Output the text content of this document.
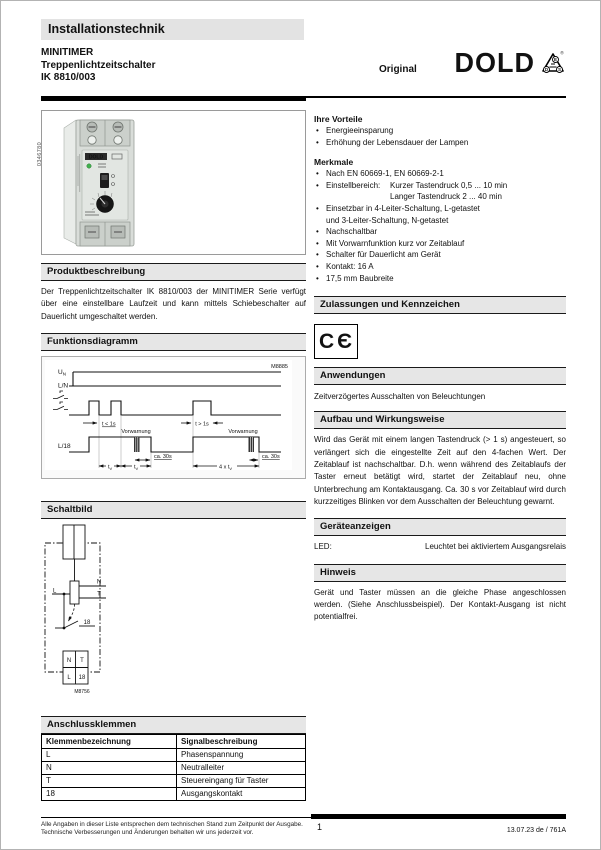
Installationstechnik
MINITIMER
Treppenlichtzeitschalter
IK 8810/003
Original DOLD	E
D S
®
0346780	DOLD
Produktbeschreibung

Der Treppenlichtzeitschalter IK 8810/003 der MINITIMER Serie verfügt über eine einstellbare Laufzeit und kann mittels Schiebeschalter auf Dauerlicht umgeschaltet werden.

Funktionsdiagramm
M8885
$U_N$
L/N
t < 1s	t > 1s
L/18
Vorwarnung	Vorwarnung
ca. 30s	ca. 30s
$t_V$	$t_V$	4 x $t_V$
Schaltbild
N
T
L
18
N T
L 18
M8756
Anschlussklemmen
Klemmenbezeichnung	Signalbeschreibung
L	Phasenspannung
N	Neutralleiter
T	Steuereingang für Taster
18	Ausgangskontakt
Ihre Vorteile
• Energieeinsparung
• Erhöhung der Lebensdauer der Lampen
Merkmale
• Nach EN 60669-1, EN 60669-2-1
• Einstellbereich:	Kurzer Tastendruck 0,5 ... 10 min
Langer Tastendruck 2 ... 40 min
• Einsetzbar in 4-Leiter-Schaltung, L-getastet
und 3-Leiter-Schaltung, N-getastet
• Nachschaltbar
• Mit Vorwarnfunktion kurz vor Zeitablauf
• Schalter für Dauerlicht am Gerät
• Kontakt: 16 A
• 17,5 mm Baubreite
Zulassungen und Kennzeichen
CЄ
Anwendungen
Zeitverzögertes Ausschalten von Beleuchtungen
Aufbau und Wirkungsweise

Wird das Gerät mit einem langen Tastendruck (> 1 s) angesteuert, so verlängert sich die eingestellte Zeit auf den 4-fachen Wert. Der Zeitablauf ist nachschaltbar. D.h. wenn während des Zeitablaufs der Taster erneut betätigt wird, startet der Zeitablauf neu, ohne Unterbrechung am Kontaktausgang. Ca. 30 s vor Zeitablauf wird durch kurzzeitiges Blinken vor dem Ausschalten der Beleuchtung gewarnt.

Geräteanzeigen
LED:	Leuchtet bei aktiviertem Ausgangsrelais
Hinweis

Gerät und Taster müssen an die gleiche Phase angeschlossen werden. (Siehe Anschlussbeispiel). Der Kontakt-Ausgang ist nicht potentialfrei.

Alle Angaben in dieser Liste entsprechen dem technischen Stand zum Zeitpunkt der Ausgabe.
Technische Verbesserungen und Änderungen behalten wir uns jederzeit vor.
1	13.07.23 de / 761A
